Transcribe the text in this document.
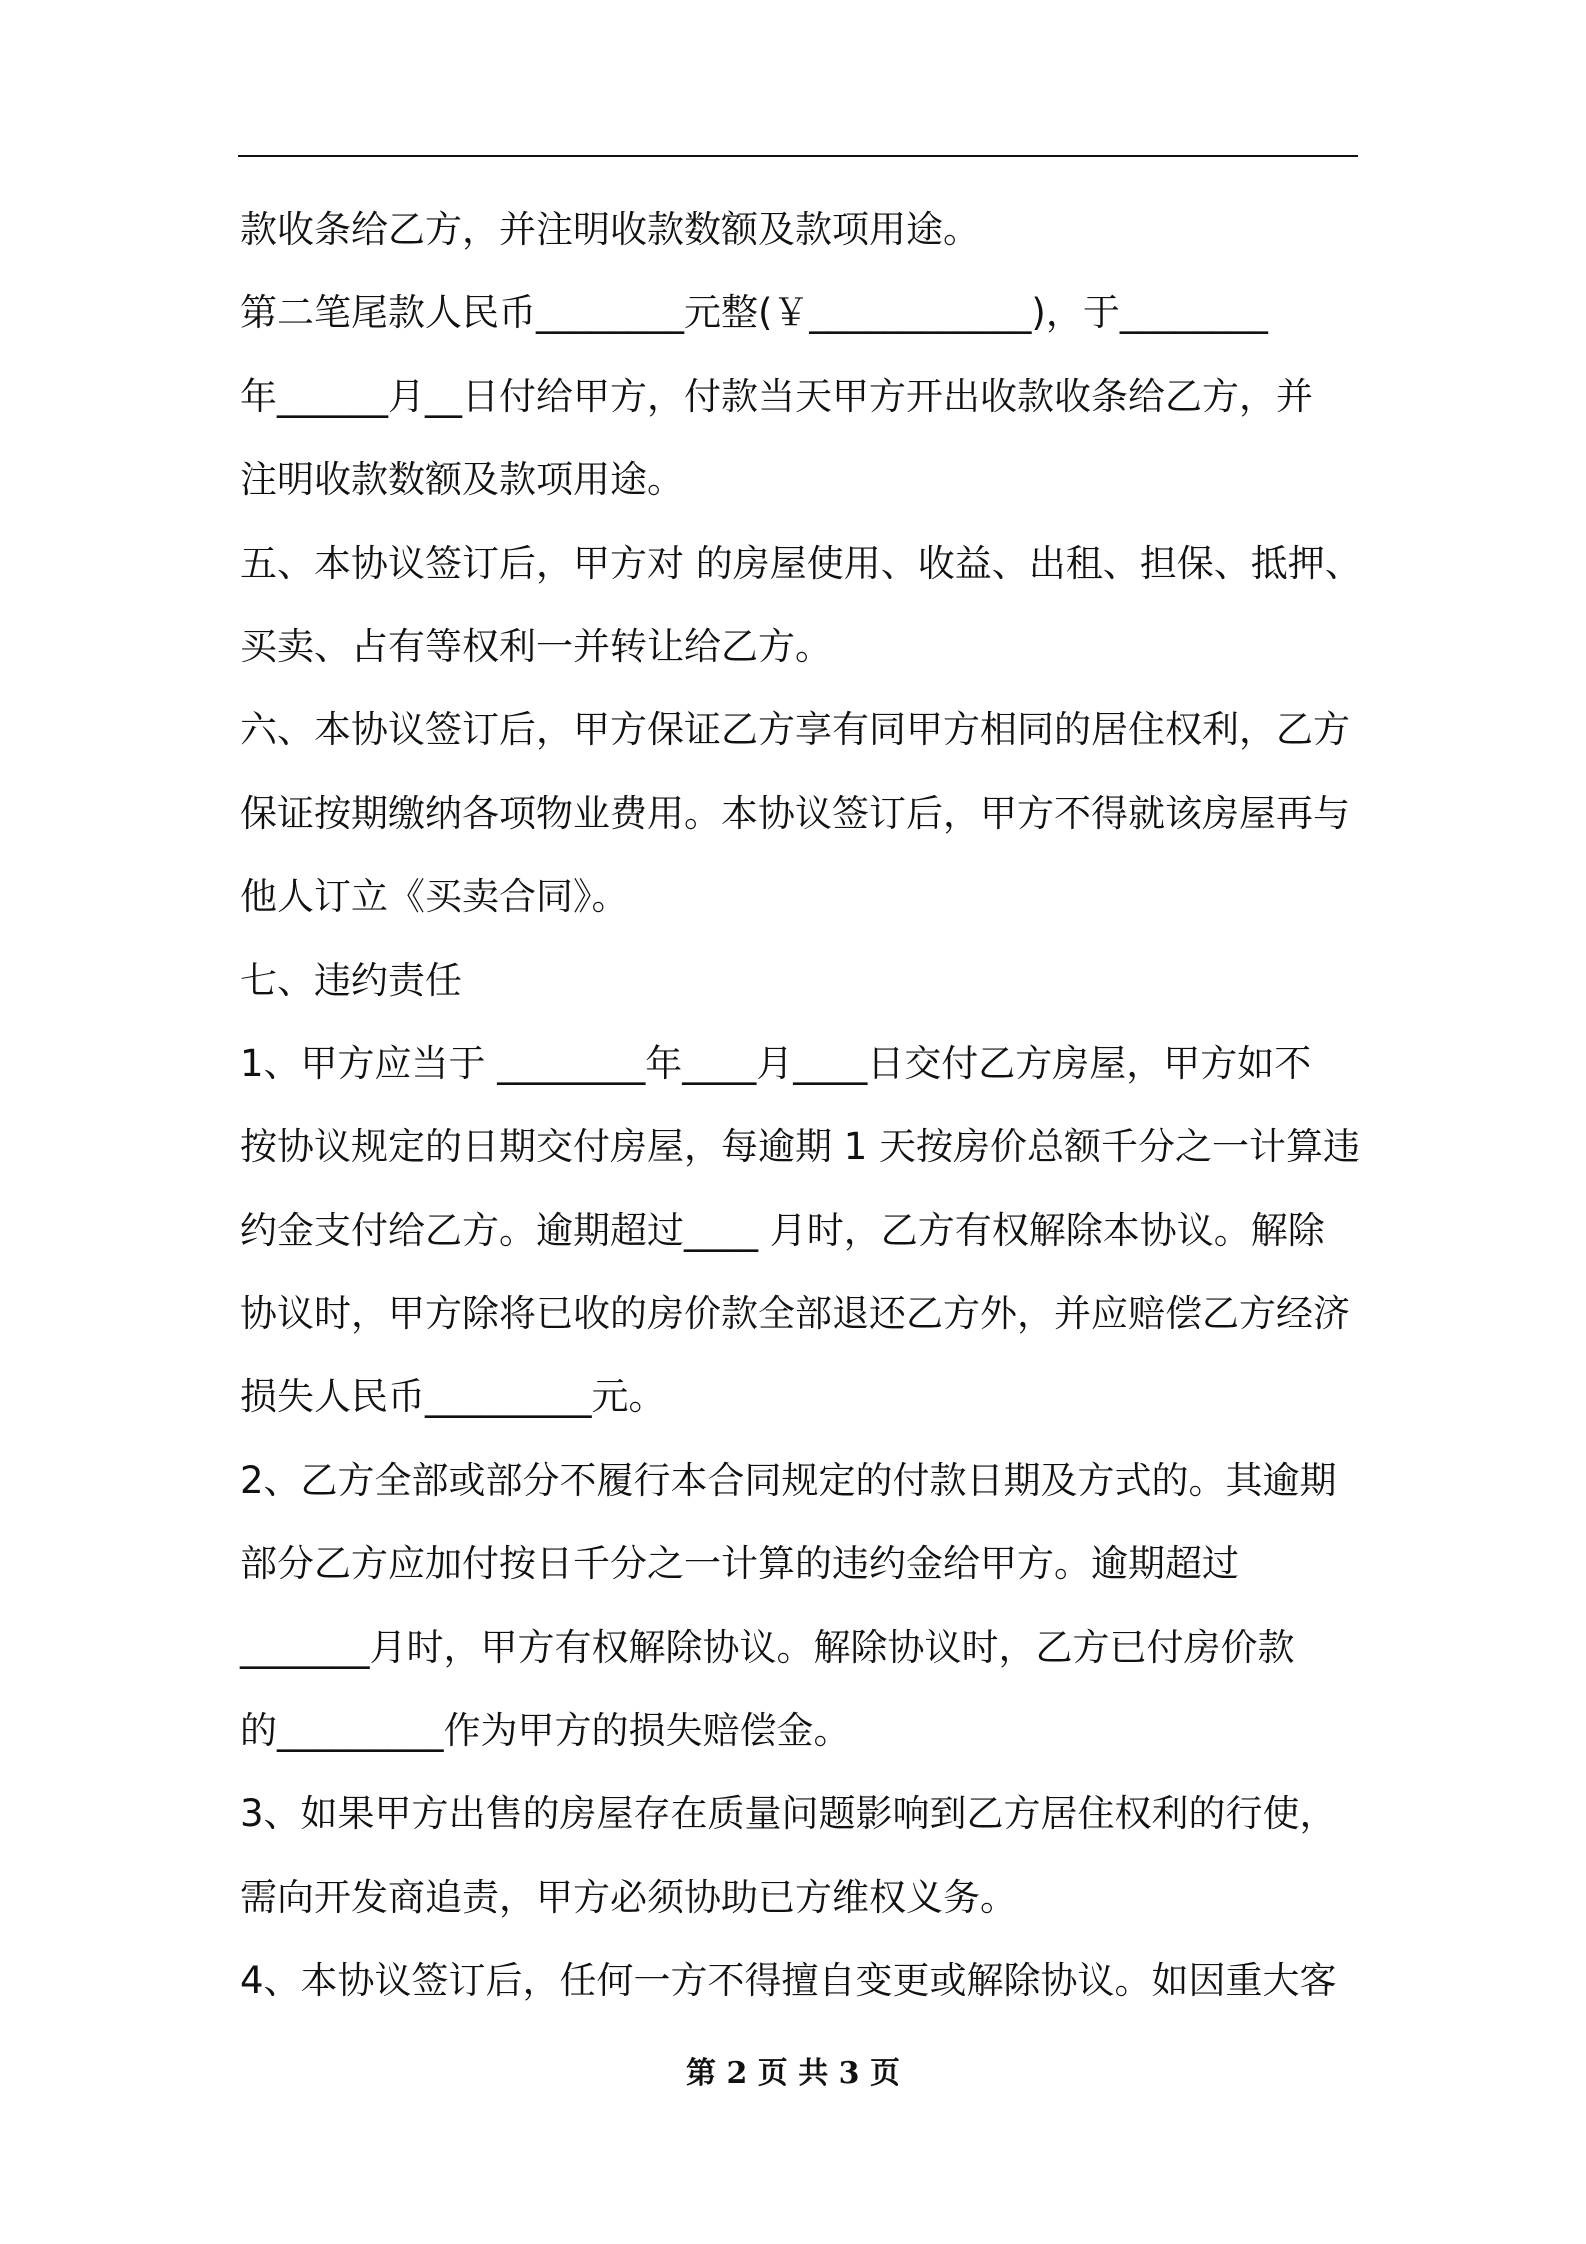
款收条给乙方，并注明收款数额及款项用途。
第二笔尾款人民币________元整(￥____________)，于________
年______月__日付给甲方，付款当天甲方开出收款收条给乙方，并
注明收款数额及款项用途。
五、本协议签订后，甲方对 的房屋使用、收益、出租、担保、抵押、
买卖、占有等权利一并转让给乙方。
六、本协议签订后，甲方保证乙方享有同甲方相同的居住权利，乙方
保证按期缴纳各项物业费用。本协议签订后，甲方不得就该房屋再与
他人订立《买卖合同》。
七、违约责任
1、甲方应当于 ________年____月____日交付乙方房屋，甲方如不
按协议规定的日期交付房屋，每逾期 1 天按房价总额千分之一计算违
约金支付给乙方。逾期超过____ 月时，乙方有权解除本协议。解除
协议时，甲方除将已收的房价款全部退还乙方外，并应赔偿乙方经济
损失人民币_________元。
2、乙方全部或部分不履行本合同规定的付款日期及方式的。其逾期
部分乙方应加付按日千分之一计算的违约金给甲方。逾期超过
_______月时，甲方有权解除协议。解除协议时，乙方已付房价款
的_________作为甲方的损失赔偿金。
3、如果甲方出售的房屋存在质量问题影响到乙方居住权利的行使，
需向开发商追责，甲方必须协助已方维权义务。
4、本协议签订后，任何一方不得擅自变更或解除协议。如因重大客
第 2 页 共 3 页
